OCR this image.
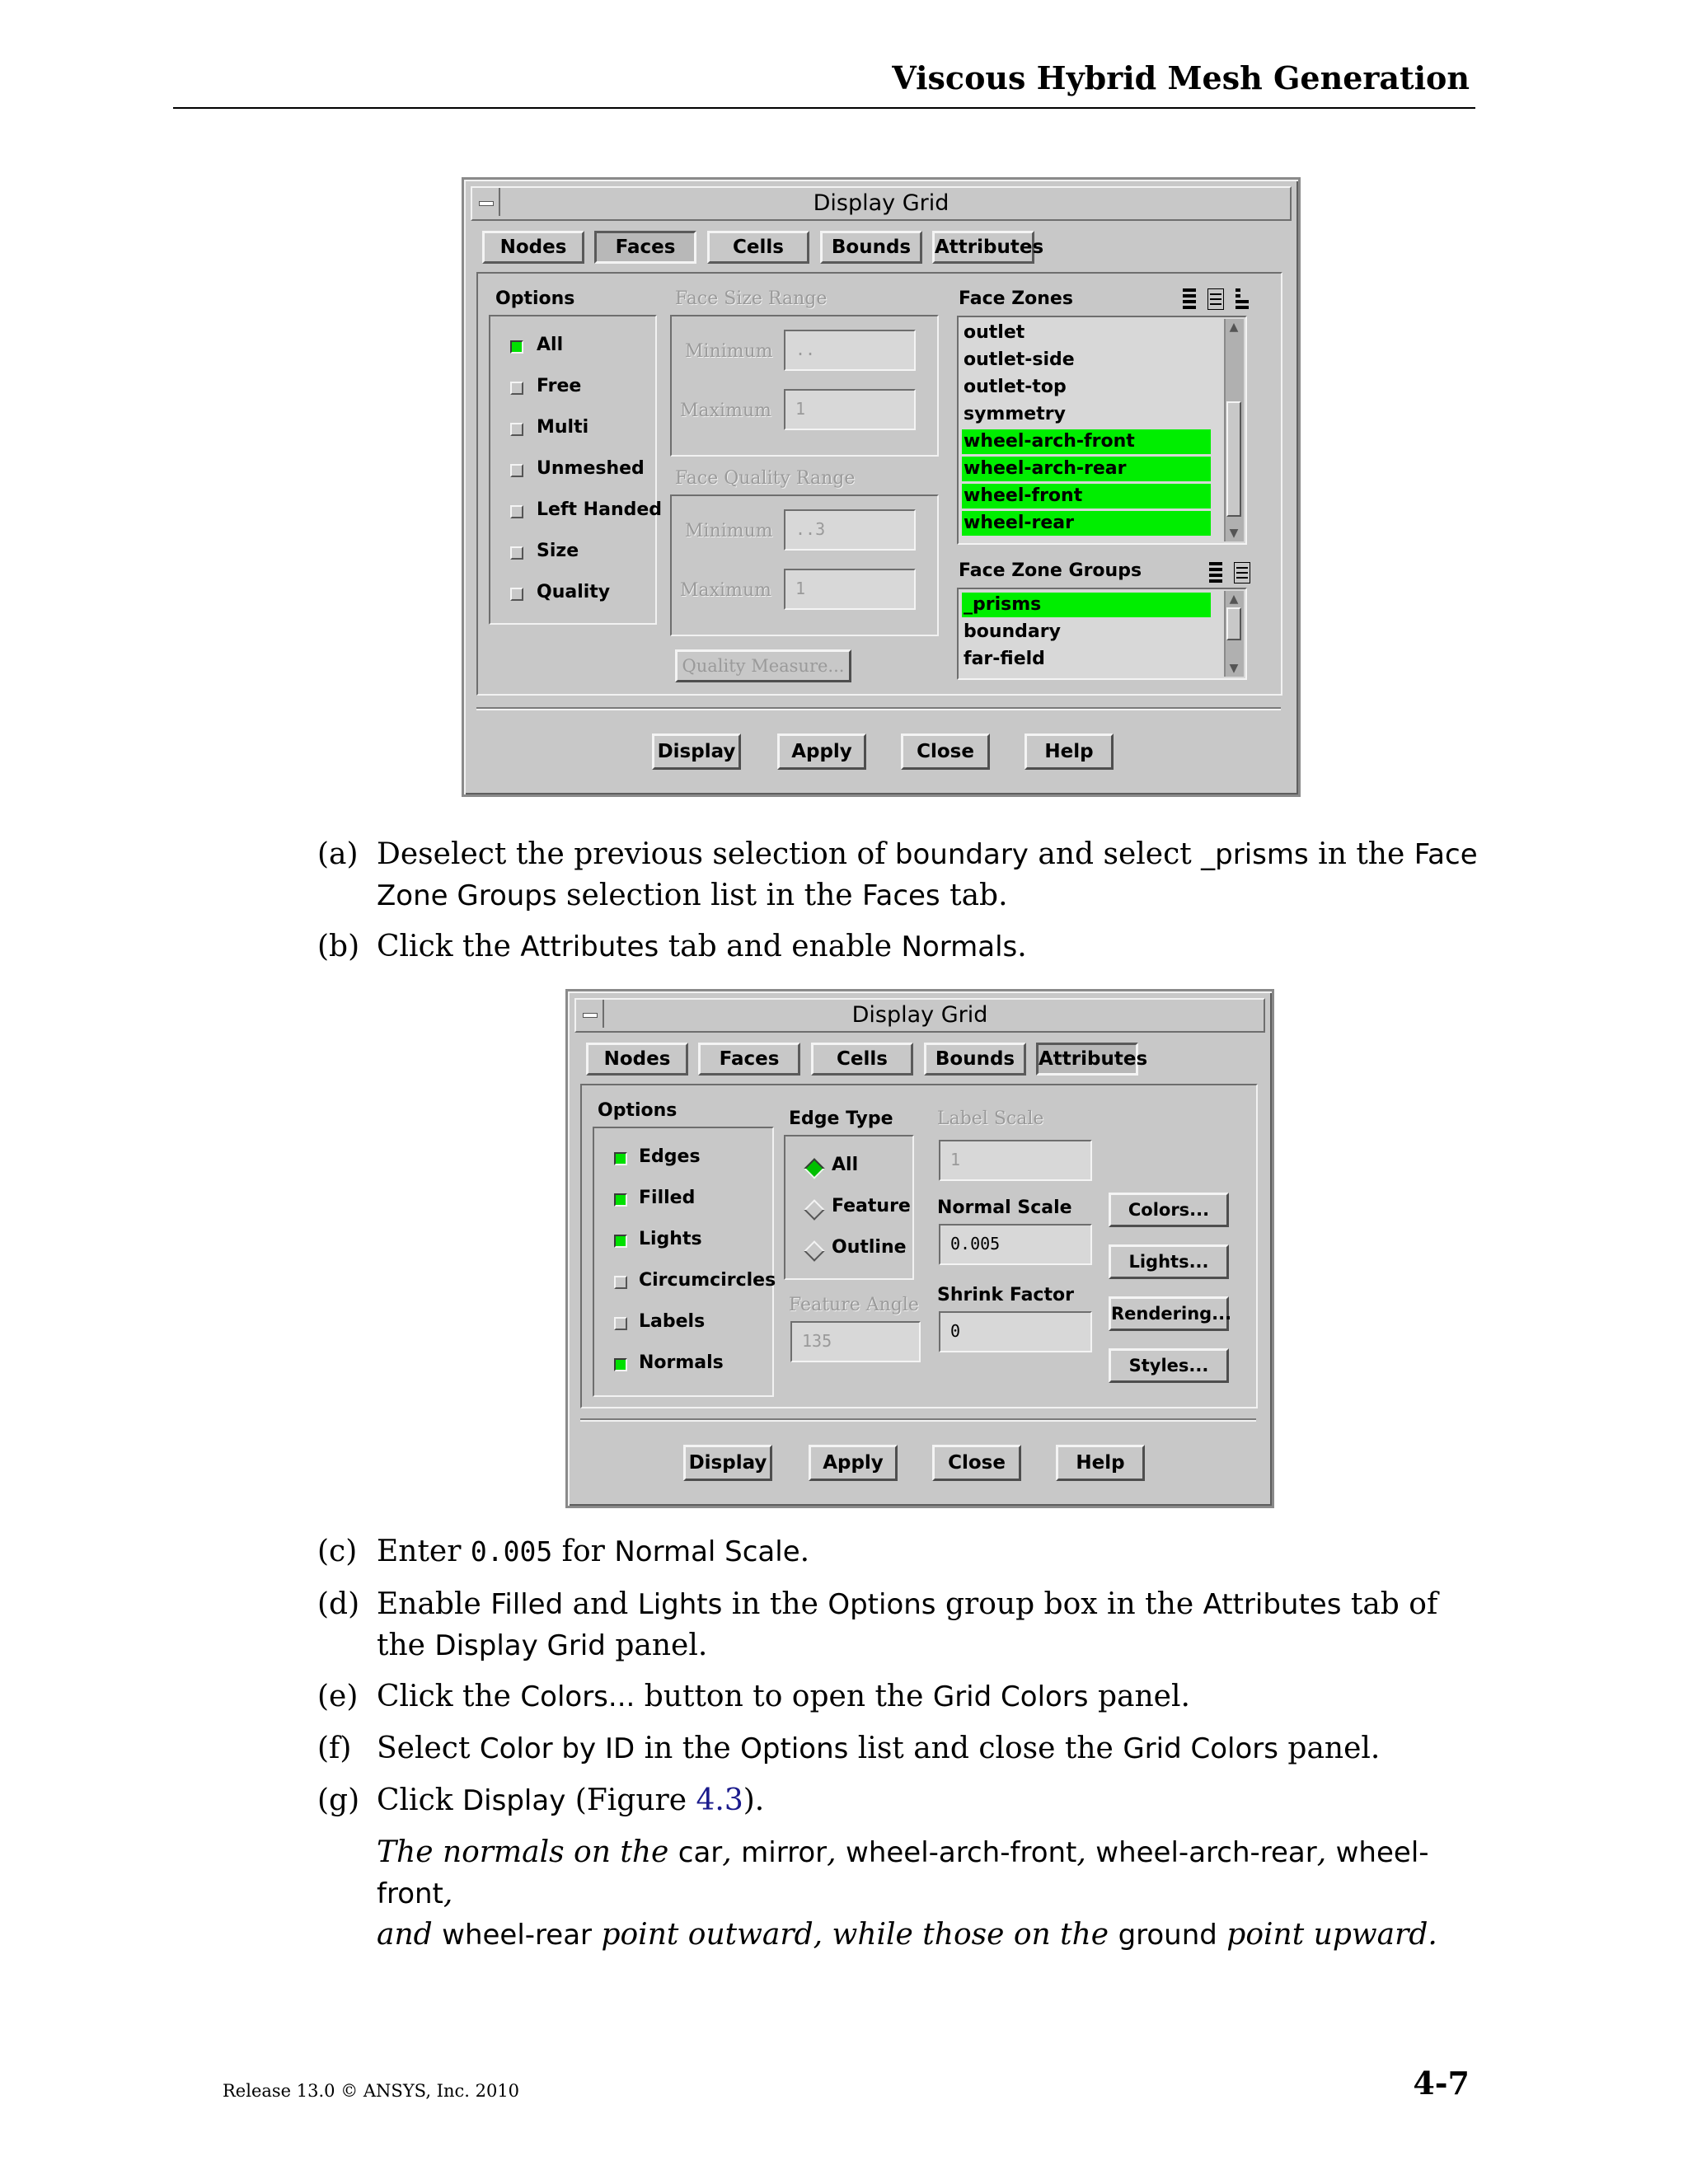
Viscous Hybrid Mesh Generation
Display Grid
Nodes	Faces	Cells	Bounds	Attributes
Options
All
Free
Multi
Unmeshed
Left Handed
Size
Quality
Face Size Range
Minimum	..
Maximum	1
Face Quality Range
Minimum	..3
Maximum	1
Quality Measure...
Face Zones
outlet
outlet-side
outlet-top
symmetry
wheel-arch-front
wheel-arch-rear
wheel-front
wheel-rear
▲
▼
Face Zone Groups
_prisms
boundary
far-field
▲
▼
Display	Apply	Close	Help
(a) Deselect the previous selection of boundary and select _prisms in the Face Zone Groups selection list in the Faces tab.
(b) Click the Attributes tab and enable Normals.
Display Grid
Nodes	Faces	Cells	Bounds	Attributes
Options
Edges
Filled
Lights
Circumcircles
Labels
Normals
Edge Type
All
Feature
Outline
Feature Angle
135
Label Scale
1
Normal Scale
0.005
Shrink Factor
0
Colors...
Lights...
Rendering...
Styles...
Display	Apply	Close	Help
(c) Enter 0.005 for Normal Scale.
(d) Enable Filled and Lights in the Options group box in the Attributes tab of the Display Grid panel.
(e) Click the Colors... button to open the Grid Colors panel.
(f) Select Color by ID in the Options list and close the Grid Colors panel.
(g) Click Display (Figure 4.3).
The normals on the car, mirror, wheel-arch-front, wheel-arch-rear, wheel-front,
and wheel-rear point outward, while those on the ground point upward.
Release 13.0 © ANSYS, Inc. 2010	4-7
